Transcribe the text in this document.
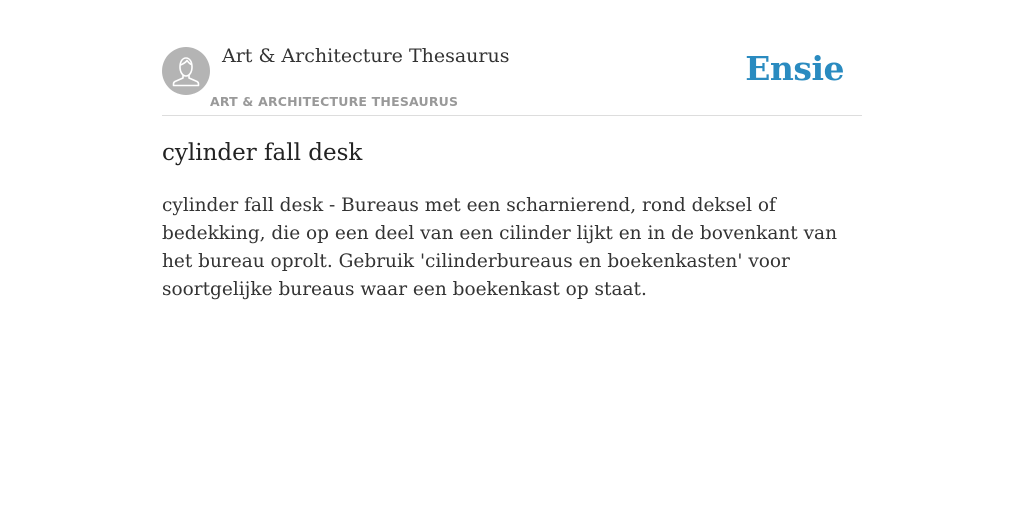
Art & Architecture Thesaurus
ART & ARCHITECTURE THESAURUS
Ensie
cylinder fall desk

cylinder fall desk - Bureaus met een scharnierend, rond deksel of bedekking, die op een deel van een cilinder lijkt en in de bovenkant van het bureau oprolt. Gebruik 'cilinderbureaus en boekenkasten' voor soortgelijke bureaus waar een boekenkast op staat.
